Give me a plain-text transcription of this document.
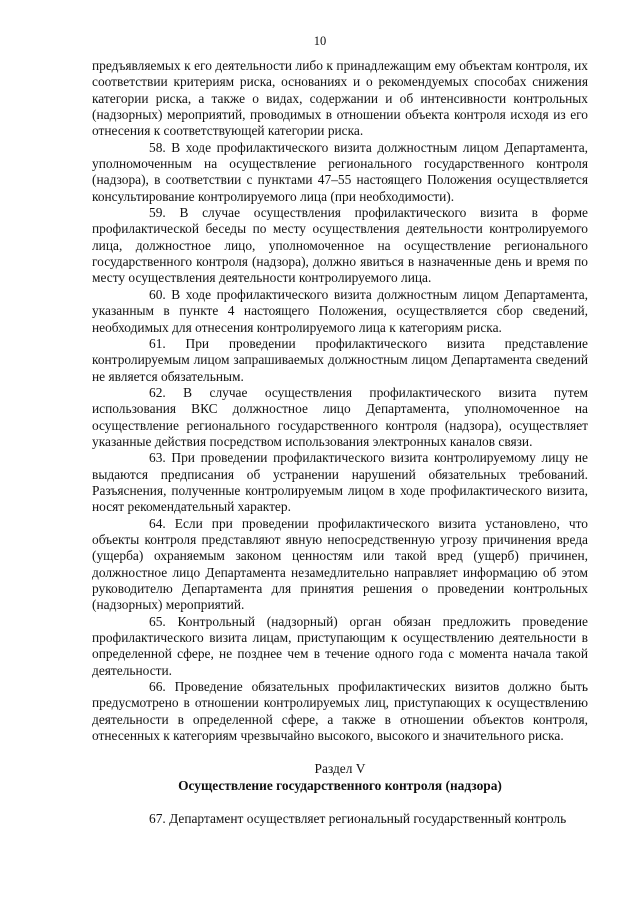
10

предъявляемых к его деятельности либо к принадлежащим ему объектам контроля, их соответствии критериям риска, основаниях и о рекомендуемых способах снижения категории риска, а также о видах, содержании и об интенсивности контрольных (надзорных) мероприятий, проводимых в отношении объекта контроля исходя из его отнесения к соответствующей категории риска.

58. В ходе профилактического визита должностным лицом Департамента, уполномоченным на осуществление регионального государственного контроля (надзора), в соответствии с пунктами 47–55 настоящего Положения осуществляется консультирование контролируемого лица (при необходимости).

59. В случае осуществления профилактического визита в форме профилактической беседы по месту осуществления деятельности контролируемого лица, должностное лицо, уполномоченное на осуществление регионального государственного контроля (надзора), должно явиться в назначенные день и время по месту осуществления деятельности контролируемого лица.

60. В ходе профилактического визита должностным лицом Департамента, указанным в пункте 4 настоящего Положения, осуществляется сбор сведений, необходимых для отнесения контролируемого лица к категориям риска.

61. При проведении профилактического визита представление контролируемым лицом запрашиваемых должностным лицом Департамента сведений не является обязательным.

62. В случае осуществления профилактического визита путем использования ВКС должностное лицо Департамента, уполномоченное на осуществление регионального государственного контроля (надзора), осуществляет указанные действия посредством использования электронных каналов связи.

63. При проведении профилактического визита контролируемому лицу не выдаются предписания об устранении нарушений обязательных требований. Разъяснения, полученные контролируемым лицом в ходе профилактического визита, носят рекомендательный характер.

64. Если при проведении профилактического визита установлено, что объекты контроля представляют явную непосредственную угрозу причинения вреда (ущерба) охраняемым законом ценностям или такой вред (ущерб) причинен, должностное лицо Департамента незамедлительно направляет информацию об этом руководителю Департамента для принятия решения о проведении контрольных (надзорных) мероприятий.

65. Контрольный (надзорный) орган обязан предложить проведение профилактического визита лицам, приступающим к осуществлению деятельности в определенной сфере, не позднее чем в течение одного года с момента начала такой деятельности.

66. Проведение обязательных профилактических визитов должно быть предусмотрено в отношении контролируемых лиц, приступающих к осуществлению деятельности в определенной сфере, а также в отношении объектов контроля, отнесенных к категориям чрезвычайно высокого, высокого и значительного риска.

Раздел V

Осуществление государственного контроля (надзора)

67. Департамент осуществляет региональный государственный контроль
